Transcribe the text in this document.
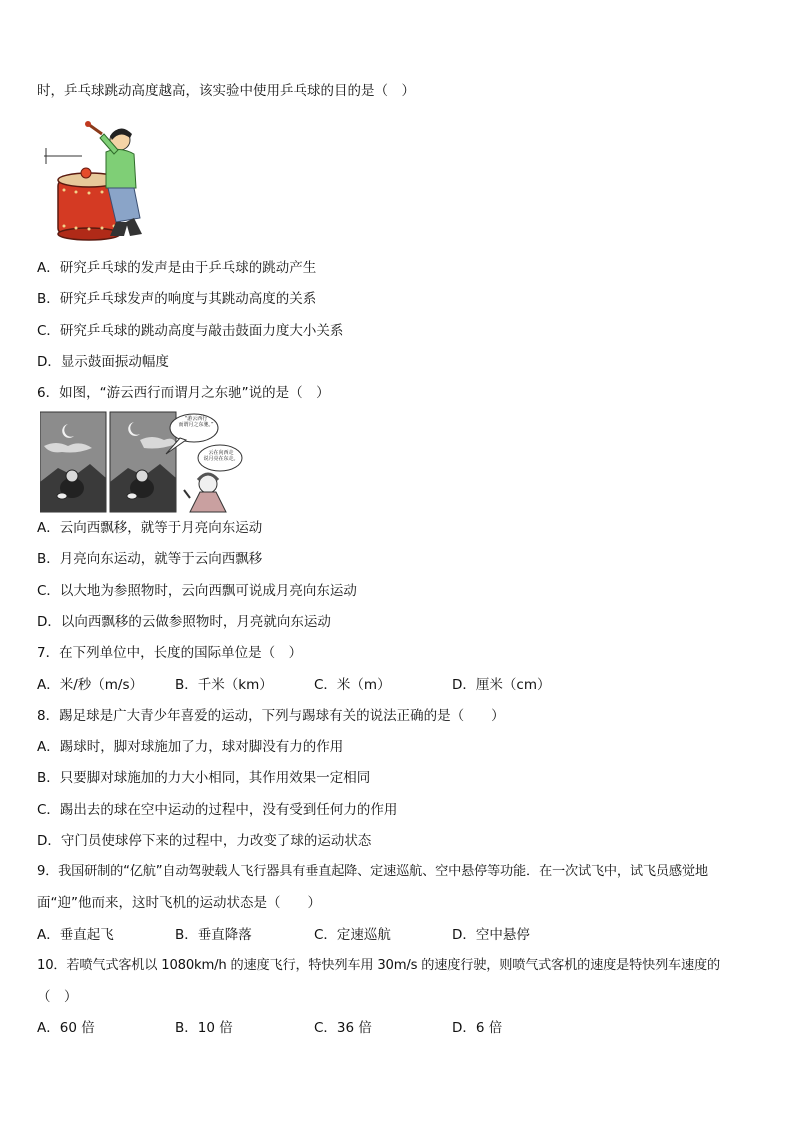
时，乒乓球跳动高度越高，该实验中使用乒乓球的目的是（　）
A．研究乒乓球的发声是由于乒乓球的跳动产生
B．研究乒乓球发声的响度与其跳动高度的关系
C．研究乒乓球的跳动高度与敲击鼓面力度大小关系
D．显示鼓面振动幅度
6．如图，“游云西行而谓月之东驰”说的是（　）
“游云西行
而谓月之东驰。”
云在向西走
说月亮在东走。
A．云向西飘移，就等于月亮向东运动
B．月亮向东运动，就等于云向西飘移
C．以大地为参照物时，云向西飘可说成月亮向东运动
D．以向西飘移的云做参照物时，月亮就向东运动
7．在下列单位中，长度的国际单位是（　）
A．米/秒（m/s） B．千米（km）	C．米（m）	D．厘米（cm）
8．踢足球是广大青少年喜爱的运动，下列与踢球有关的说法正确的是（　　）
A．踢球时，脚对球施加了力，球对脚没有力的作用
B．只要脚对球施加的力大小相同，其作用效果一定相同
C．踢出去的球在空中运动的过程中，没有受到任何力的作用
D．守门员使球停下来的过程中，力改变了球的运动状态
9．我国研制的“亿航”自动驾驶载人飞行器具有垂直起降、定速巡航、空中悬停等功能．在一次试飞中，试飞员感觉地
面“迎”他而来，这时飞机的运动状态是（　　）
A．垂直起飞	B．垂直降落	C．定速巡航	D．空中悬停
10．若喷气式客机以 1080km/h 的速度飞行，特快列车用 30m/s 的速度行驶，则喷气式客机的速度是特快列车速度的
（　）
A．60 倍	B．10 倍	C．36 倍	D．6 倍
